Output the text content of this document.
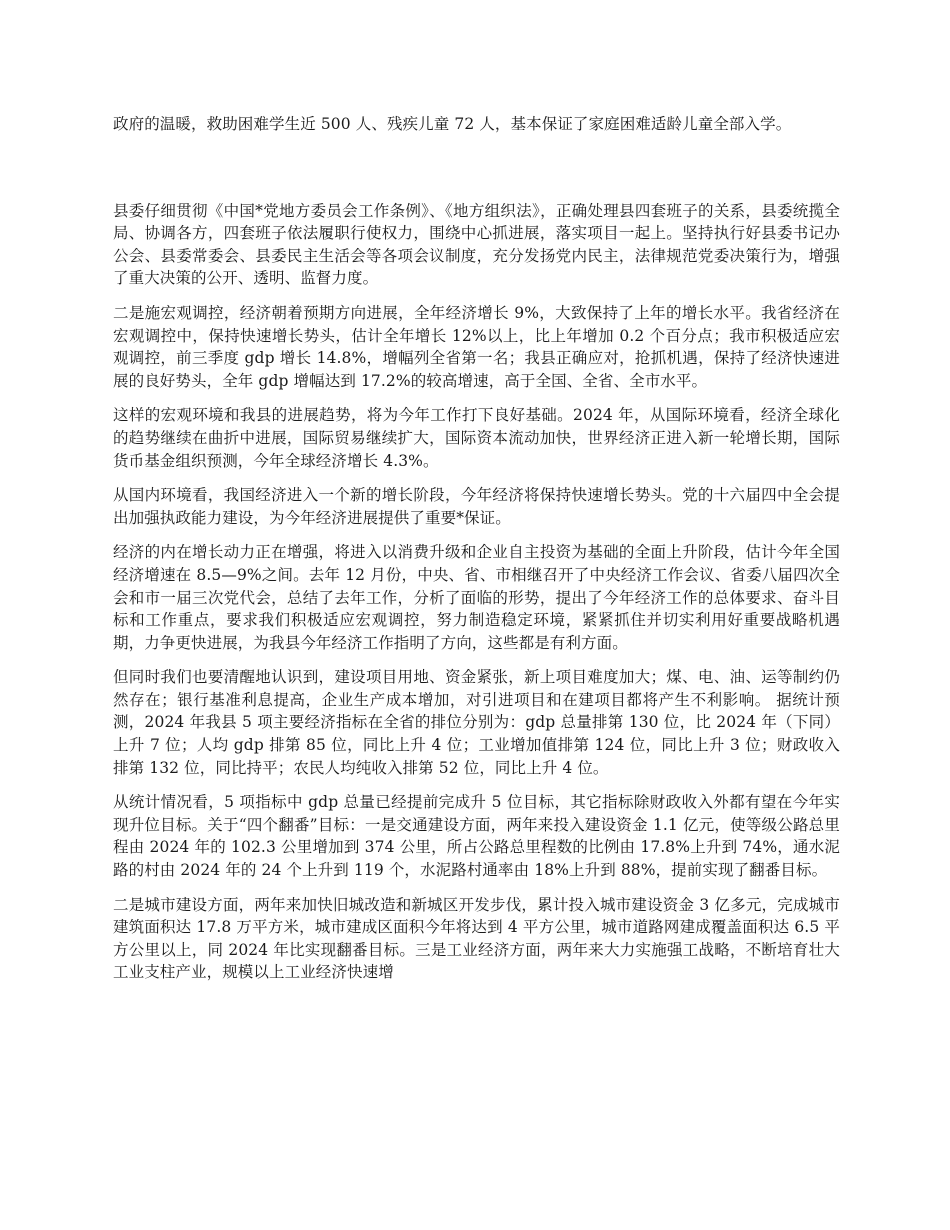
政府的温暖，救助困难学生近 500 人、残疾儿童 72 人，基本保证了家庭困难适龄儿童全部入学。

县委仔细贯彻《中国*党地方委员会工作条例》、《地方组织法》，正确处理县四套班子的关系，县委统揽全局、协调各方，四套班子依法履职行使权力，围绕中心抓进展，落实项目一起上。坚持执行好县委书记办公会、县委常委会、县委民主生活会等各项会议制度，充分发扬党内民主，法律规范党委决策行为，增强了重大决策的公开、透明、监督力度。

二是施宏观调控，经济朝着预期方向进展，全年经济增长 9%，大致保持了上年的增长水平。我省经济在宏观调控中，保持快速增长势头，估计全年增长 12%以上，比上年增加 0.2 个百分点；我市积极适应宏观调控，前三季度 gdp 增长 14.8%，增幅列全省第一名；我县正确应对，抢抓机遇，保持了经济快速进展的良好势头，全年 gdp 增幅达到 17.2%的较高增速，高于全国、全省、全市水平。

这样的宏观环境和我县的进展趋势，将为今年工作打下良好基础。2024 年，从国际环境看，经济全球化的趋势继续在曲折中进展，国际贸易继续扩大，国际资本流动加快，世界经济正进入新一轮增长期，国际货币基金组织预测，今年全球经济增长 4.3%。

从国内环境看，我国经济进入一个新的增长阶段，今年经济将保持快速增长势头。党的十六届四中全会提出加强执政能力建设，为今年经济进展提供了重要*保证。

经济的内在增长动力正在增强，将进入以消费升级和企业自主投资为基础的全面上升阶段，估计今年全国经济增速在 8.5—9%之间。去年 12 月份，中央、省、市相继召开了中央经济工作会议、省委八届四次全会和市一届三次党代会，总结了去年工作，分析了面临的形势，提出了今年经济工作的总体要求、奋斗目标和工作重点，要求我们积极适应宏观调控，努力制造稳定环境，紧紧抓住并切实利用好重要战略机遇期，力争更快进展，为我县今年经济工作指明了方向，这些都是有利方面。

但同时我们也要清醒地认识到，建设项目用地、资金紧张，新上项目难度加大；煤、电、油、运等制约仍然存在；银行基准利息提高，企业生产成本增加，对引进项目和在建项目都将产生不利影响。 据统计预测，2024 年我县 5 项主要经济指标在全省的排位分别为：gdp 总量排第 130 位，比 2024 年（下同）上升 7 位；人均 gdp 排第 85 位，同比上升 4 位；工业增加值排第 124 位，同比上升 3 位；财政收入排第 132 位，同比持平；农民人均纯收入排第 52 位，同比上升 4 位。

从统计情况看，5 项指标中 gdp 总量已经提前完成升 5 位目标，其它指标除财政收入外都有望在今年实现升位目标。关于“四个翻番”目标：一是交通建设方面，两年来投入建设资金 1.1 亿元，使等级公路总里程由 2024 年的 102.3 公里增加到 374 公里，所占公路总里程数的比例由 17.8%上升到 74%，通水泥路的村由 2024 年的 24 个上升到 119 个，水泥路村通率由 18%上升到 88%，提前实现了翻番目标。

二是城市建设方面，两年来加快旧城改造和新城区开发步伐，累计投入城市建设资金 3 亿多元，完成城市建筑面积达 17.8 万平方米，城市建成区面积今年将达到 4 平方公里，城市道路网建成覆盖面积达 6.5 平方公里以上，同 2024 年比实现翻番目标。三是工业经济方面，两年来大力实施强工战略，不断培育壮大工业支柱产业，规模以上工业经济快速增
